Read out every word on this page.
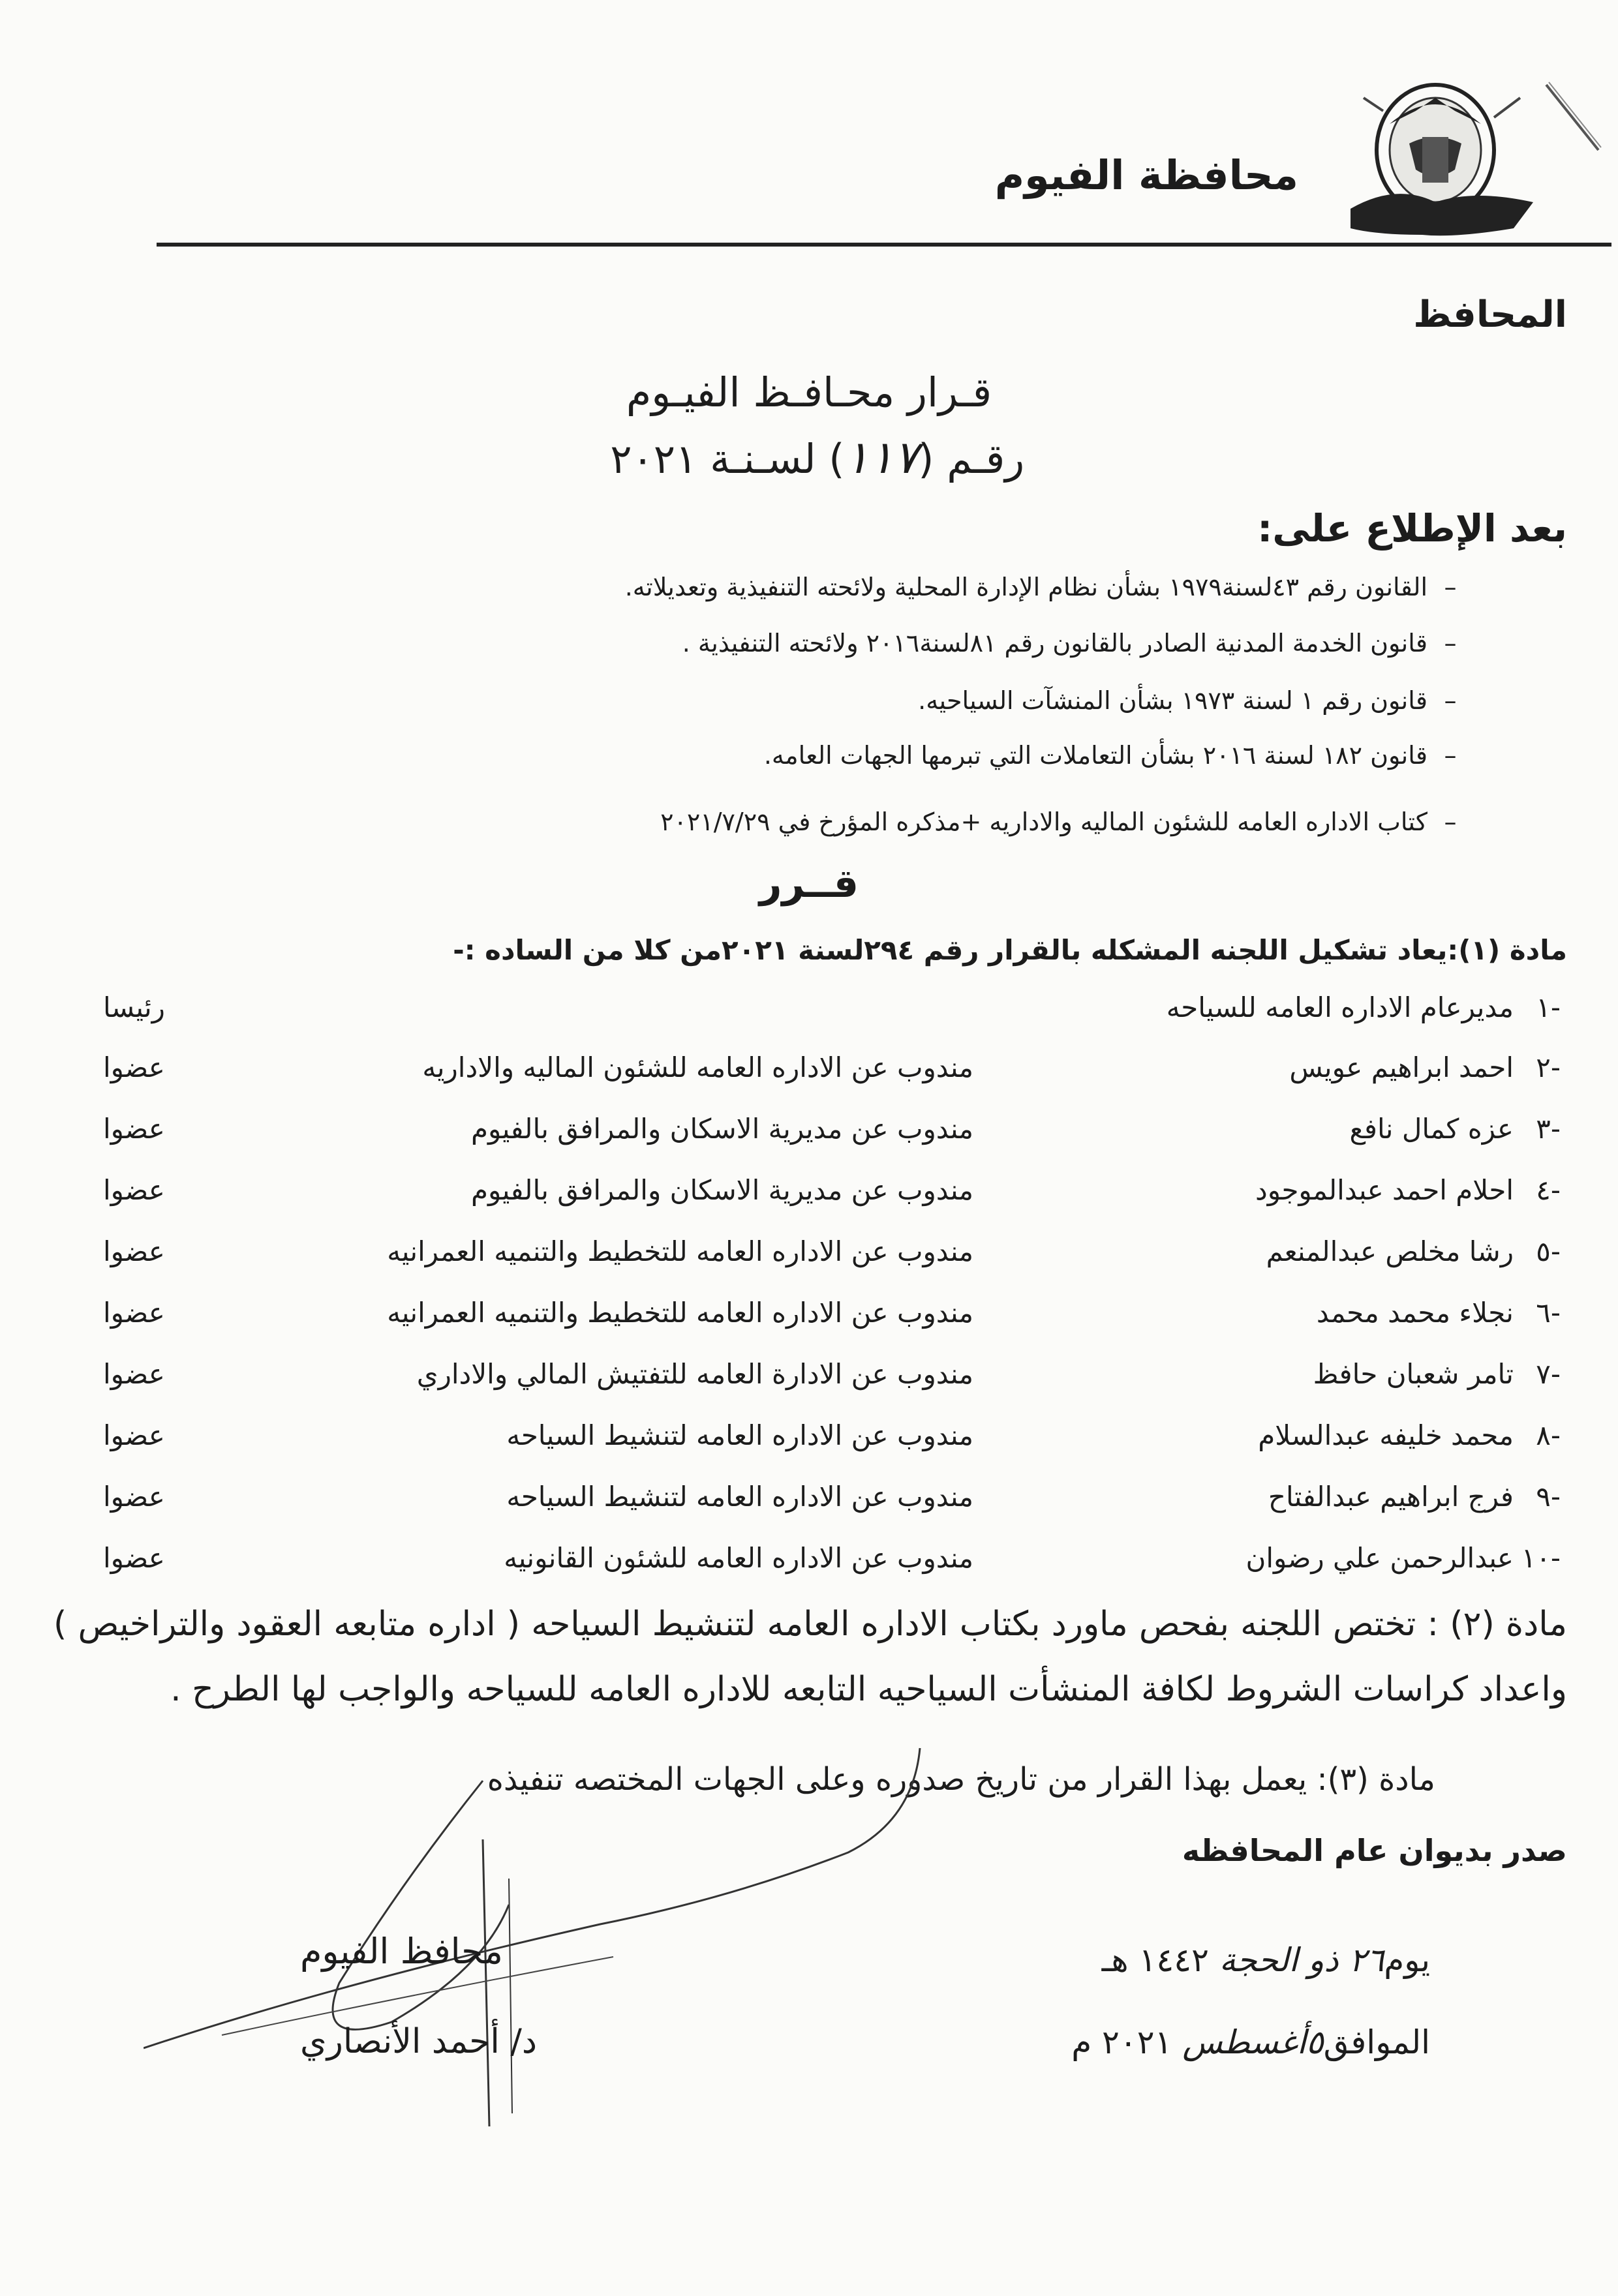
محافظة الفيوم
المحافظ
قـرار محـافـظ الفيـوم
رقـم (١١٧) لسـنـة ٢٠٢١
بعد الإطلاع على:
–القانون رقم ٤٣لسنة١٩٧٩ بشأن نظام الإدارة المحلية ولائحته التنفيذية وتعديلاته.
–قانون الخدمة المدنية الصادر بالقانون رقم ٨١لسنة٢٠١٦ ولائحته التنفيذية .
–قانون رقم ١ لسنة ١٩٧٣ بشأن المنشآت السياحيه.
–قانون ١٨٢ لسنة ٢٠١٦ بشأن التعاملات التي تبرمها الجهات العامه.
–كتاب الاداره العامه للشئون الماليه والاداريه +مذكره المؤرخ في ٢٠٢١/٧/٢٩
قــرر
مادة (١):يعاد تشكيل اللجنه المشكله بالقرار رقم ٢٩٤لسنة ٢٠٢١من كلا من الساده :-
-١
مديرعام الاداره العامه للسياحه
رئيسا
-٢
احمد ابراهيم عويس
مندوب عن الاداره العامه للشئون الماليه والاداريه
عضوا
-٣
عزه كمال نافع
مندوب عن مديرية الاسكان والمرافق بالفيوم
عضوا
-٤
احلام احمد عبدالموجود
مندوب عن مديرية الاسكان والمرافق بالفيوم
عضوا
-٥
رشا مخلص عبدالمنعم
مندوب عن الاداره العامه للتخطيط والتنميه العمرانيه
عضوا
-٦
نجلاء محمد محمد
مندوب عن الاداره العامه للتخطيط والتنميه العمرانيه
عضوا
-٧
تامر شعبان حافظ
مندوب عن الادارة العامه للتفتيش المالي والاداري
عضوا
-٨
محمد خليفه عبدالسلام
مندوب عن الاداره العامه لتنشيط السياحه
عضوا
-٩
فرج ابراهيم عبدالفتاح
مندوب عن الاداره العامه لتنشيط السياحه
عضوا
-١٠
عبدالرحمن علي رضوان
مندوب عن الاداره العامه للشئون القانونيه
عضوا
مادة (٢) : تختص اللجنه بفحص ماورد بكتاب الاداره العامه لتنشيط السياحه ( اداره متابعه العقود والتراخيص ) واعداد كراسات الشروط لكافة المنشأت السياحيه التابعه للاداره العامه للسياحه والواجب لها الطرح .
مادة (٣): يعمل بهذا القرار من تاريخ صدوره وعلى الجهات المختصه تنفيذه
صدر بديوان عام المحافظه
محافظ الفيوم
د/ أحمد الأنصاري
يوم٢٦ ذو الحجة ١٤٤٢ هـ
الموافق٥أغسطس ٢٠٢١ م
